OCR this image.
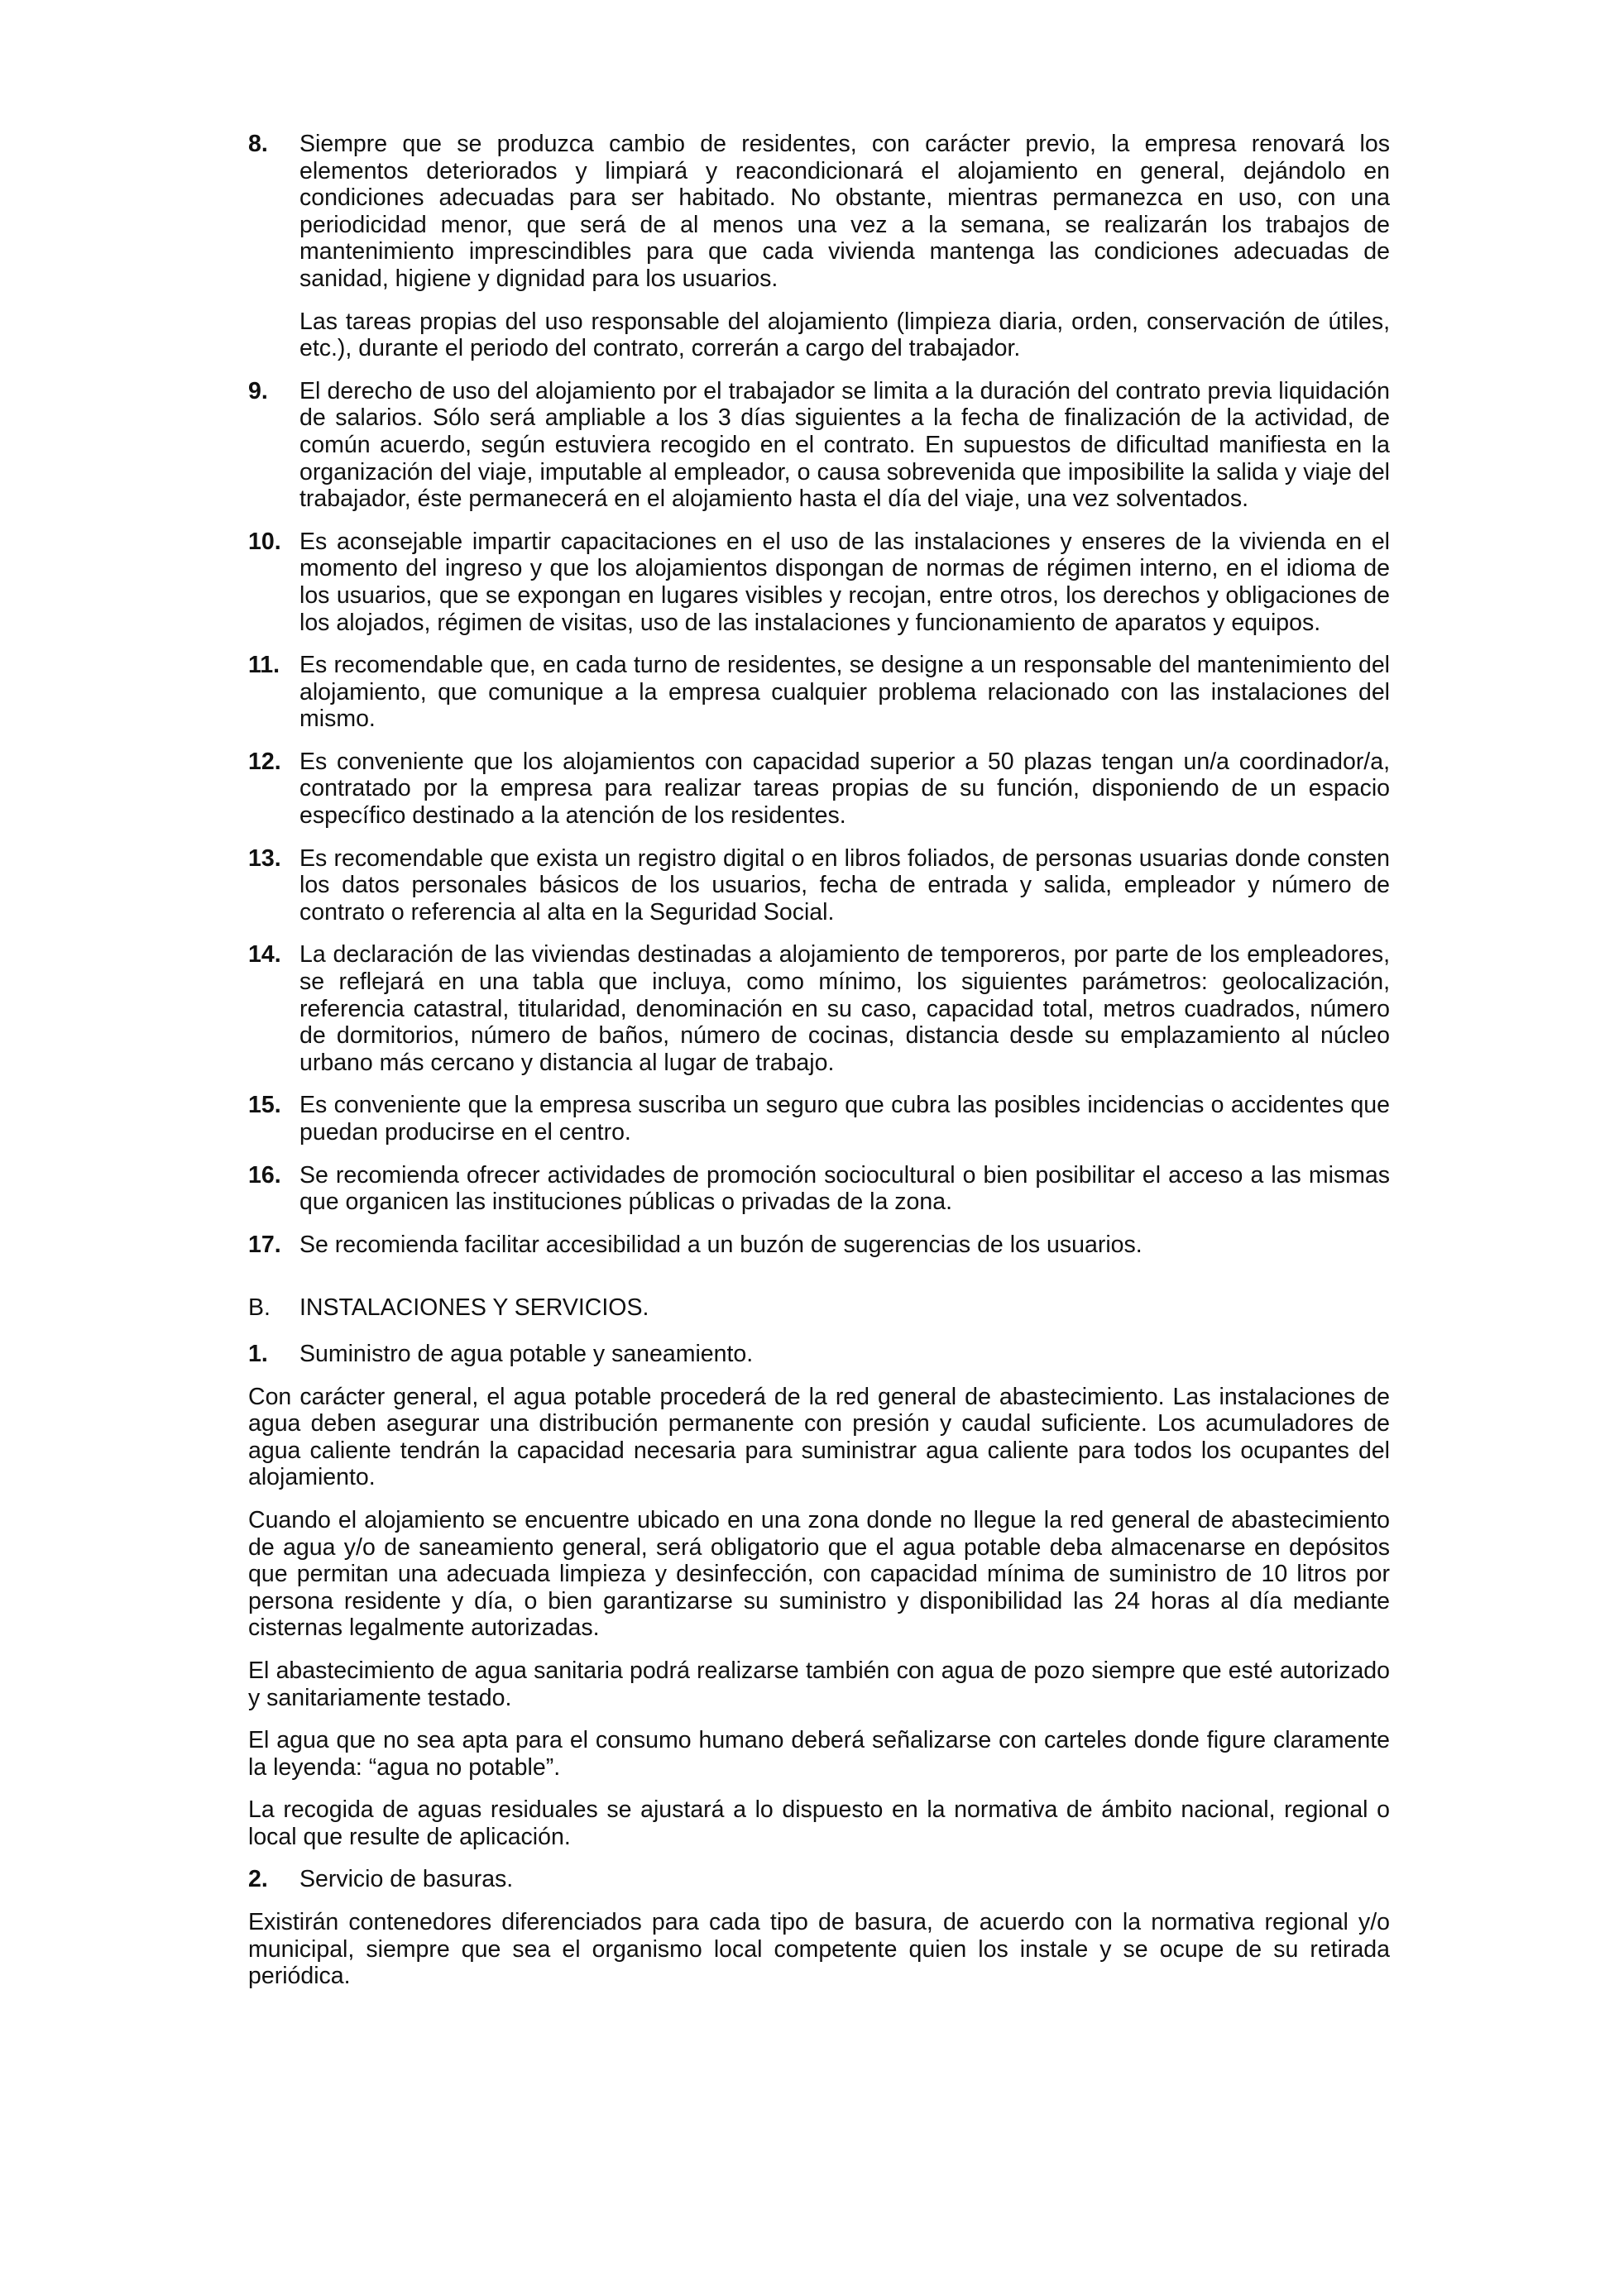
8.	Siempre que se produzca cambio de residentes, con carácter previo, la empresa renovará los elementos deteriorados y limpiará y reacondicionará el alojamiento en general, dejándolo en condiciones adecuadas para ser habitado. No obstante, mientras permanezca en uso, con una periodicidad menor, que será de al menos una vez a la semana, se realizarán los trabajos de mantenimiento imprescindibles para que cada vivienda mantenga las condiciones adecuadas de sanidad, higiene y dignidad para los usuarios.

Las tareas propias del uso responsable del alojamiento (limpieza diaria, orden, conservación de útiles, etc.), durante el periodo del contrato, correrán a cargo del trabajador.

9.	El derecho de uso del alojamiento por el trabajador se limita a la duración del contrato previa liquidación de salarios. Sólo será ampliable a los 3 días siguientes a la fecha de finalización de la actividad, de común acuerdo, según estuviera recogido en el contrato. En supuestos de dificultad manifiesta en la organización del viaje, imputable al empleador, o causa sobrevenida que imposibilite la salida y viaje del trabajador, éste permanecerá en el alojamiento hasta el día del viaje, una vez solventados.

10. Es aconsejable impartir capacitaciones en el uso de las instalaciones y enseres de la vivienda en el momento del ingreso y que los alojamientos dispongan de normas de régimen interno, en el idioma de los usuarios, que se expongan en lugares visibles y recojan, entre otros, los derechos y obligaciones de los alojados, régimen de visitas, uso de las instalaciones y funcionamiento de aparatos y equipos.

11. Es recomendable que, en cada turno de residentes, se designe a un responsable del mantenimiento del alojamiento, que comunique a la empresa cualquier problema relacionado con las instalaciones del mismo.

12. Es conveniente que los alojamientos con capacidad superior a 50 plazas tengan un/a coordinador/a, contratado por la empresa para realizar tareas propias de su función, disponiendo de un espacio específico destinado a la atención de los residentes.

13. Es recomendable que exista un registro digital o en libros foliados, de personas usuarias donde consten los datos personales básicos de los usuarios, fecha de entrada y salida, empleador y número de contrato o referencia al alta en la Seguridad Social.

14. La declaración de las viviendas destinadas a alojamiento de temporeros, por parte de los empleadores, se reflejará en una tabla que incluya, como mínimo, los siguientes parámetros: geolocalización, referencia catastral, titularidad, denominación en su caso, capacidad total, metros cuadrados, número de dormitorios, número de baños, número de cocinas, distancia desde su emplazamiento al núcleo urbano más cercano y distancia al lugar de trabajo.

15. Es conveniente que la empresa suscriba un seguro que cubra las posibles incidencias o accidentes que puedan producirse en el centro.

16. Se recomienda ofrecer actividades de promoción sociocultural o bien posibilitar el acceso a las mismas que organicen las instituciones públicas o privadas de la zona.

17. Se recomienda facilitar accesibilidad a un buzón de sugerencias de los usuarios.

B.	INSTALACIONES Y SERVICIOS.
1.	Suministro de agua potable y saneamiento.

Con carácter general, el agua potable procederá de la red general de abastecimiento. Las instalaciones de agua deben asegurar una distribución permanente con presión y caudal suficiente. Los acumuladores de agua caliente tendrán la capacidad necesaria para suministrar agua caliente para todos los ocupantes del alojamiento.

Cuando el alojamiento se encuentre ubicado en una zona donde no llegue la red general de abastecimiento de agua y/o de saneamiento general, será obligatorio que el agua potable deba almacenarse en depósitos que permitan una adecuada limpieza y desinfección, con capacidad mínima de suministro de 10 litros por persona residente y día, o bien garantizarse su suministro y disponibilidad las 24 horas al día mediante cisternas legalmente autorizadas.

El abastecimiento de agua sanitaria podrá realizarse también con agua de pozo siempre que esté autorizado y sanitariamente testado.

El agua que no sea apta para el consumo humano deberá señalizarse con carteles donde figure claramente la leyenda: “agua no potable”.

La recogida de aguas residuales se ajustará a lo dispuesto en la normativa de ámbito nacional, regional o local que resulte de aplicación.

2.	Servicio de basuras.

Existirán contenedores diferenciados para cada tipo de basura, de acuerdo con la normativa regional y/o municipal, siempre que sea el organismo local competente quien los instale y se ocupe de su retirada periódica.
